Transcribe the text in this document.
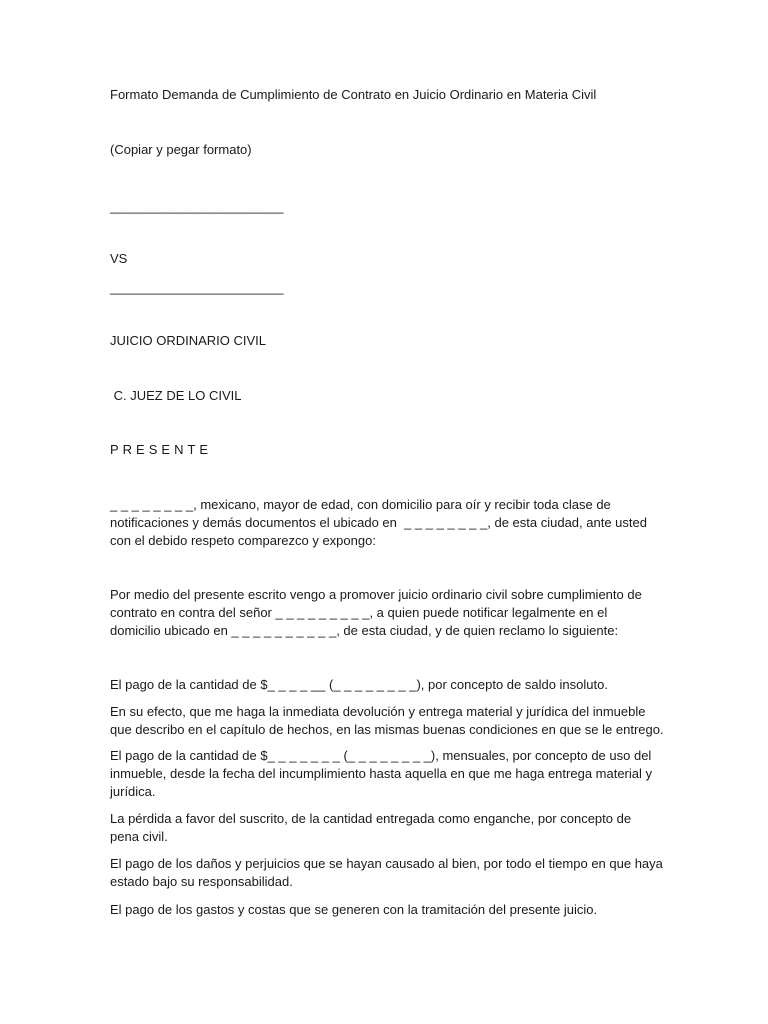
Formato Demanda de Cumplimiento de Contrato en Juicio Ordinario en Materia Civil

(Copiar y pegar formato)

________________________

VS

________________________

JUICIO ORDINARIO CIVIL

C. JUEZ DE LO CIVIL

PRESENTE

_ _ _ _ _ _ _ _, mexicano, mayor de edad, con domicilio para oír y recibir toda clase de
notificaciones y demás documentos el ubicado en  _ _ _ _ _ _ _ _, de esta ciudad, ante usted
con el debido respeto comparezco y expongo:
Por medio del presente escrito vengo a promover juicio ordinario civil sobre cumplimiento de
contrato en contra del señor _ _ _ _ _ _ _ _ _, a quien puede notificar legalmente en el
domicilio ubicado en _ _ _ _ _ _ _ _ _ _, de esta ciudad, y de quien reclamo lo siguiente:
El pago de la cantidad de $_ _ _ _ __ (_ _ _ _ _ _ _ _), por concepto de saldo insoluto.
En su efecto, que me haga la inmediata devolución y entrega material y jurídica del inmueble
que describo en el capítulo de hechos, en las mismas buenas condiciones en que se le entrego.
El pago de la cantidad de $_ _ _ _ _ _ _ (_ _ _ _ _ _ _ _), mensuales, por concepto de uso del
inmueble, desde la fecha del incumplimiento hasta aquella en que me haga entrega material y
jurídica.
La pérdida a favor del suscrito, de la cantidad entregada como enganche, por concepto de
pena civil.
El pago de los daños y perjuicios que se hayan causado al bien, por todo el tiempo en que haya
estado bajo su responsabilidad.
El pago de los gastos y costas que se generen con la tramitación del presente juicio.
